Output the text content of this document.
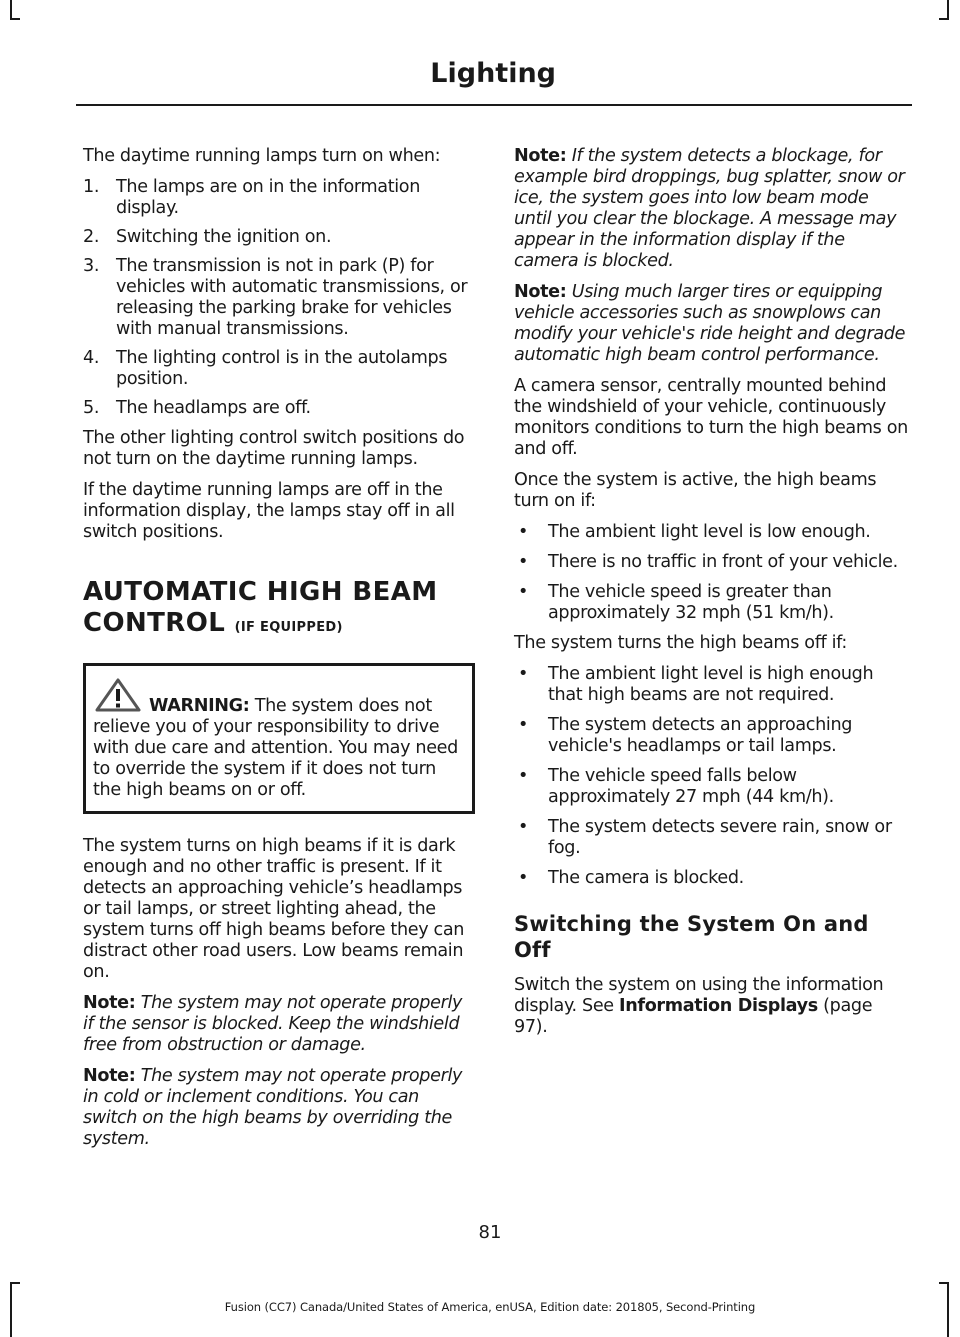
Lighting

The daytime running lamps turn on when:

1. The lamps are on in the information display.
2. Switching the ignition on.
3. The transmission is not in park (P) for vehicles with automatic transmissions, or releasing the parking brake for vehicles with manual transmissions.
4. The lighting control is in the autolamps position.
5. The headlamps are off.

The other lighting control switch positions do not turn on the daytime running lamps.

If the daytime running lamps are off in the information display, the lamps stay off in all switch positions.

AUTOMATIC HIGH BEAM
CONTROL (IF EQUIPPED)

WARNING: The system does not relieve you of your responsibility to drive with due care and attention. You may need to override the system if it does not turn the high beams on or off.

The system turns on high beams if it is dark enough and no other traffic is present. If it detects an approaching vehicle’s headlamps or tail lamps, or street lighting ahead, the system turns off high beams before they can distract other road users. Low beams remain on.

Note: The system may not operate properly if the sensor is blocked. Keep the windshield free from obstruction or damage.

Note: The system may not operate properly in cold or inclement conditions. You can switch on the high beams by overriding the system.

Note: If the system detects a blockage, for example bird droppings, bug splatter, snow or ice, the system goes into low beam mode until you clear the blockage. A message may appear in the information display if the camera is blocked.

Note: Using much larger tires or equipping vehicle accessories such as snowplows can modify your vehicle's ride height and degrade automatic high beam control performance.

A camera sensor, centrally mounted behind the windshield of your vehicle, continuously monitors conditions to turn the high beams on and off.

Once the system is active, the high beams turn on if:

• The ambient light level is low enough.
• There is no traffic in front of your vehicle.
• The vehicle speed is greater than approximately 32 mph (51 km/h).

The system turns the high beams off if:

• The ambient light level is high enough that high beams are not required.
• The system detects an approaching vehicle's headlamps or tail lamps.
• The vehicle speed falls below approximately 27 mph (44 km/h).
• The system detects severe rain, snow or fog.
• The camera is blocked.
Switching the System On and Off

Switch the system on using the information display. See Information Displays (page 97).

81
Fusion (CC7) Canada/United States of America, enUSA, Edition date: 201805, Second-Printing
